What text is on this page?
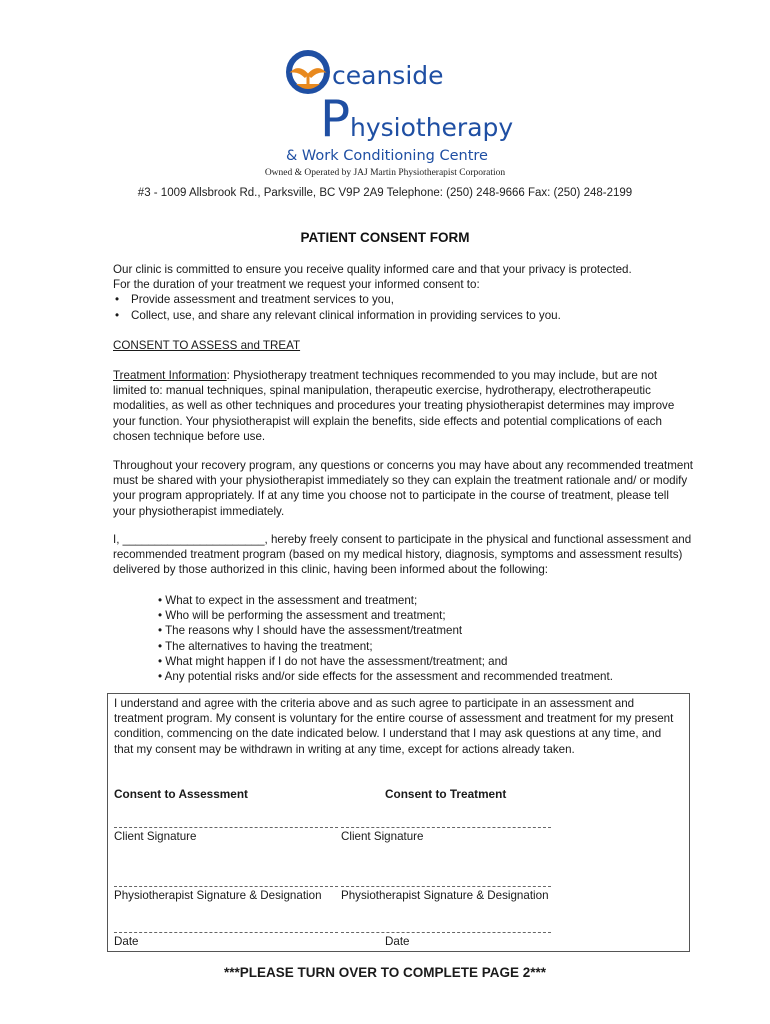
ceanside
P hysiotherapy
& Work Conditioning Centre
Owned & Operated by JAJ Martin Physiotherapist Corporation
#3 - 1009 Allsbrook Rd., Parksville, BC V9P 2A9 Telephone: (250) 248-9666 Fax: (250) 248-2199
PATIENT CONSENT FORM
Our clinic is committed to ensure you receive quality informed care and that your privacy is protected.
For the duration of your treatment we request your informed consent to:
• Provide assessment and treatment services to you,
• Collect, use, and share any relevant clinical information in providing services to you.
CONSENT TO ASSESS and TREAT
Treatment Information: Physiotherapy treatment techniques recommended to you may include, but are not limited to: manual techniques, spinal manipulation, therapeutic exercise, hydrotherapy, electrotherapeutic modalities, as well as other techniques and procedures your treating physiotherapist determines may improve your function. Your physiotherapist will explain the benefits, side effects and potential complications of each chosen technique before use.
Throughout your recovery program, any questions or concerns you may have about any recommended treatment must be shared with your physiotherapist immediately so they can explain the treatment rationale and/ or modify your program appropriately. If at any time you choose not to participate in the course of treatment, please tell your physiotherapist immediately.
I, ______________________, hereby freely consent to participate in the physical and functional assessment and recommended treatment program (based on my medical history, diagnosis, symptoms and assessment results) delivered by those authorized in this clinic, having been informed about the following:
• What to expect in the assessment and treatment;
• Who will be performing the assessment and treatment;
• The reasons why I should have the assessment/treatment
• The alternatives to having the treatment;
• What might happen if I do not have the assessment/treatment; and
• Any potential risks and/or side effects for the assessment and recommended treatment.
I understand and agree with the criteria above and as such agree to participate in an assessment and treatment program. My consent is voluntary for the entire course of assessment and treatment for my present condition, commencing on the date indicated below. I understand that I may ask questions at any time, and that my consent may be withdrawn in writing at any time, except for actions already taken.
Consent to Assessment	Consent to Treatment
Client Signature	Client Signature
Physiotherapist Signature & Designation Physiotherapist Signature & Designation
Date	Date
***PLEASE TURN OVER TO COMPLETE PAGE 2***
